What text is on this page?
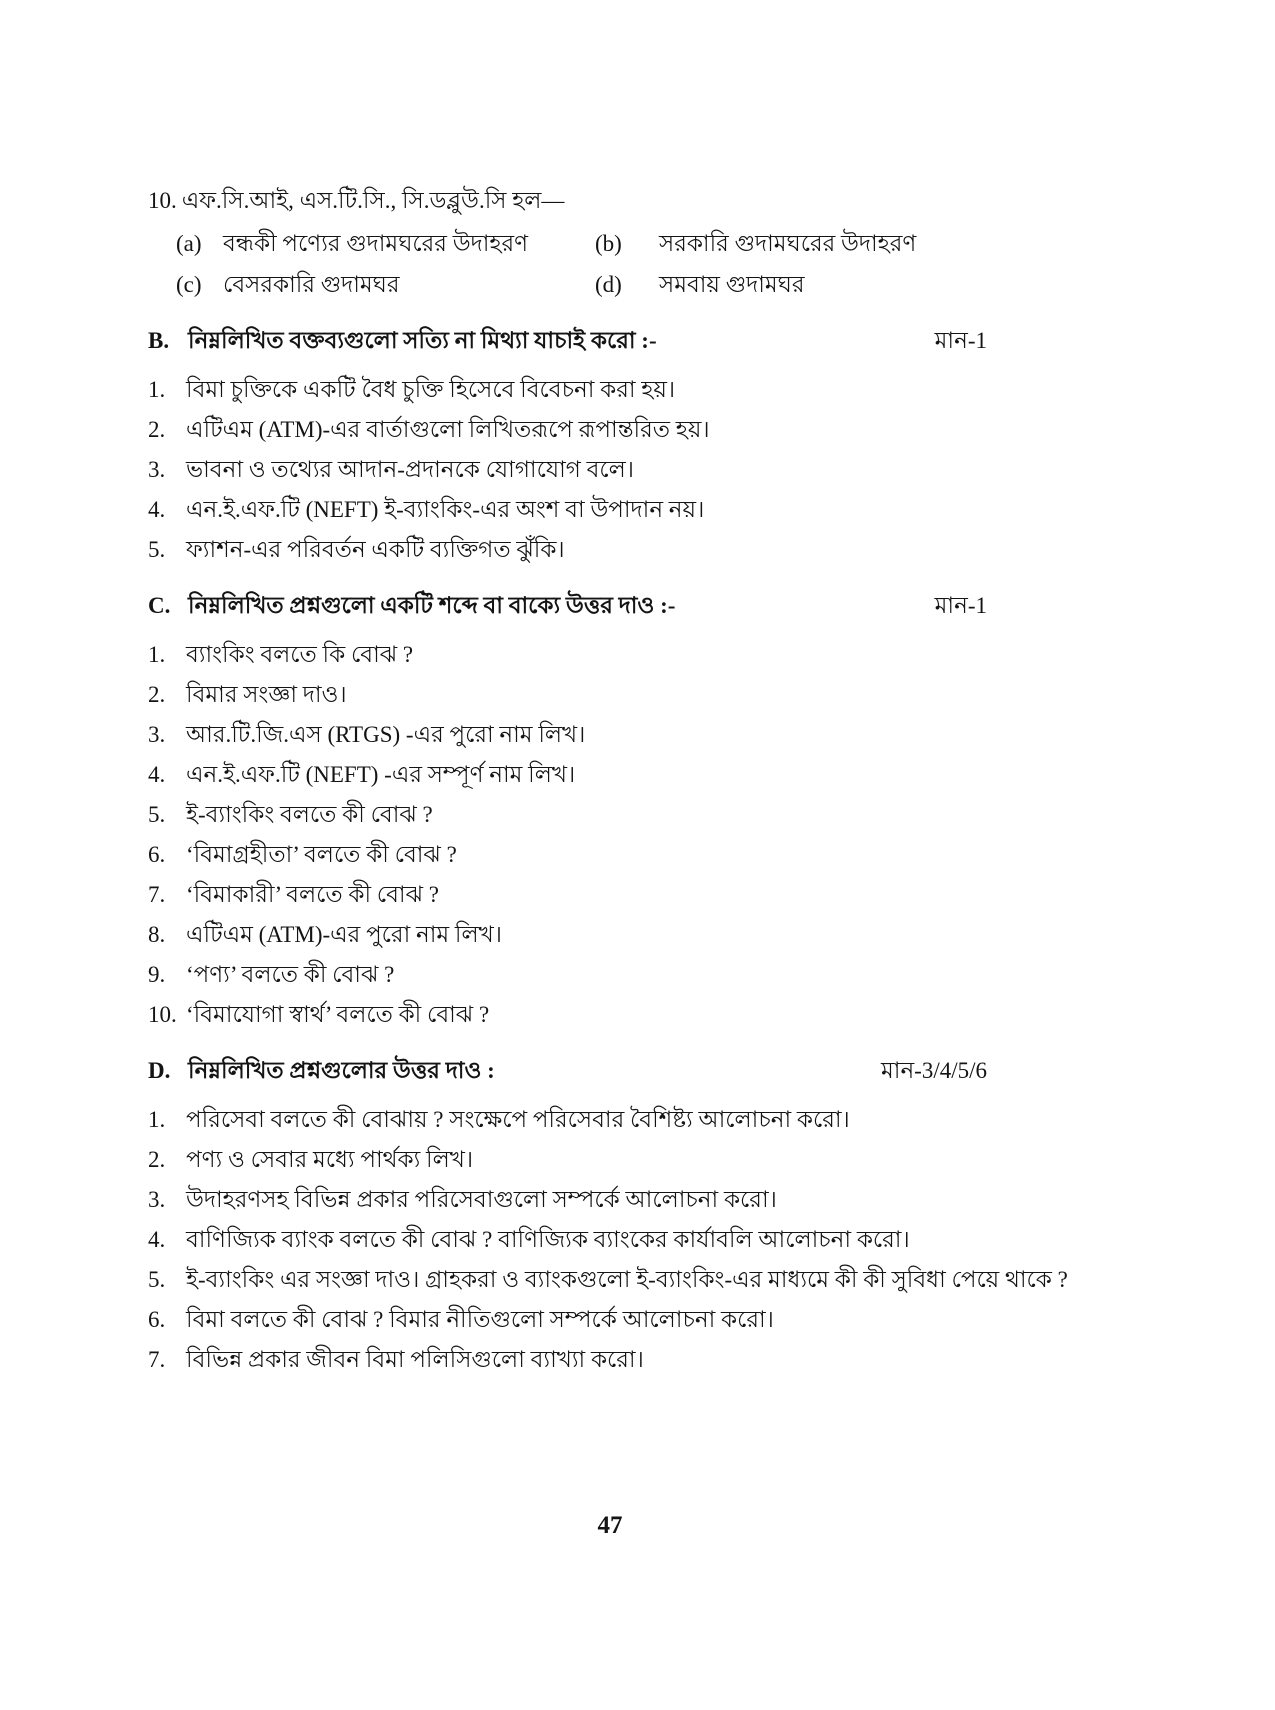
10. এফ.সি.আই, এস.টি.সি., সি.ডব্লুউ.সি হল—
(a) বন্ধকী পণ্যের গুদামঘরের উদাহরণ	(b)	সরকারি গুদামঘরের উদাহরণ
(c) বেসরকারি গুদামঘর	(d)	সমবায় গুদামঘর
B. নিম্নলিখিত বক্তব্যগুলো সত্যি না মিথ্যা যাচাই করো :-	মান-1
1. বিমা চুক্তিকে একটি বৈধ চুক্তি হিসেবে বিবেচনা করা হয়।
2. এটিএম (ATM)-এর বার্তাগুলো লিখিতরূপে রূপান্তরিত হয়।
3. ভাবনা ও তথ্যের আদান-প্রদানকে যোগাযোগ বলে।
4. এন.ই.এফ.টি (NEFT) ই-ব্যাংকিং-এর অংশ বা উপাদান নয়।
5. ফ্যাশন-এর পরিবর্তন একটি ব্যক্তিগত ঝুঁকি।
C. নিম্নলিখিত প্রশ্নগুলো একটি শব্দে বা বাক্যে উত্তর দাও :-	মান-1
1. ব্যাংকিং বলতে কি বোঝ ?
2. বিমার সংজ্ঞা দাও।
3. আর.টি.জি.এস (RTGS) -এর পুরো নাম লিখ।
4. এন.ই.এফ.টি (NEFT) -এর সম্পূর্ণ নাম লিখ।
5. ই-ব্যাংকিং বলতে কী বোঝ ?
6. ‘বিমাগ্রহীতা’ বলতে কী বোঝ ?
7. ‘বিমাকারী’ বলতে কী বোঝ ?
8. এটিএম (ATM)-এর পুরো নাম লিখ।
9. ‘পণ্য’ বলতে কী বোঝ ?
10. ‘বিমাযোগা স্বার্থ’ বলতে কী বোঝ ?
D. নিম্নলিখিত প্রশ্নগুলোর উত্তর দাও :	মান-3/4/5/6
1. পরিসেবা বলতে কী বোঝায় ? সংক্ষেপে পরিসেবার বৈশিষ্ট্য আলোচনা করো।
2. পণ্য ও সেবার মধ্যে পার্থক্য লিখ।
3. উদাহরণসহ বিভিন্ন প্রকার পরিসেবাগুলো সম্পর্কে আলোচনা করো।
4. বাণিজ্যিক ব্যাংক বলতে কী বোঝ ? বাণিজ্যিক ব্যাংকের কার্যাবলি আলোচনা করো।
5. ই-ব্যাংকিং এর সংজ্ঞা দাও। গ্রাহকরা ও ব্যাংকগুলো ই-ব্যাংকিং-এর মাধ্যমে কী কী সুবিধা পেয়ে থাকে ?
6. বিমা বলতে কী বোঝ ? বিমার নীতিগুলো সম্পর্কে আলোচনা করো।
7. বিভিন্ন প্রকার জীবন বিমা পলিসিগুলো ব্যাখ্যা করো।
47
